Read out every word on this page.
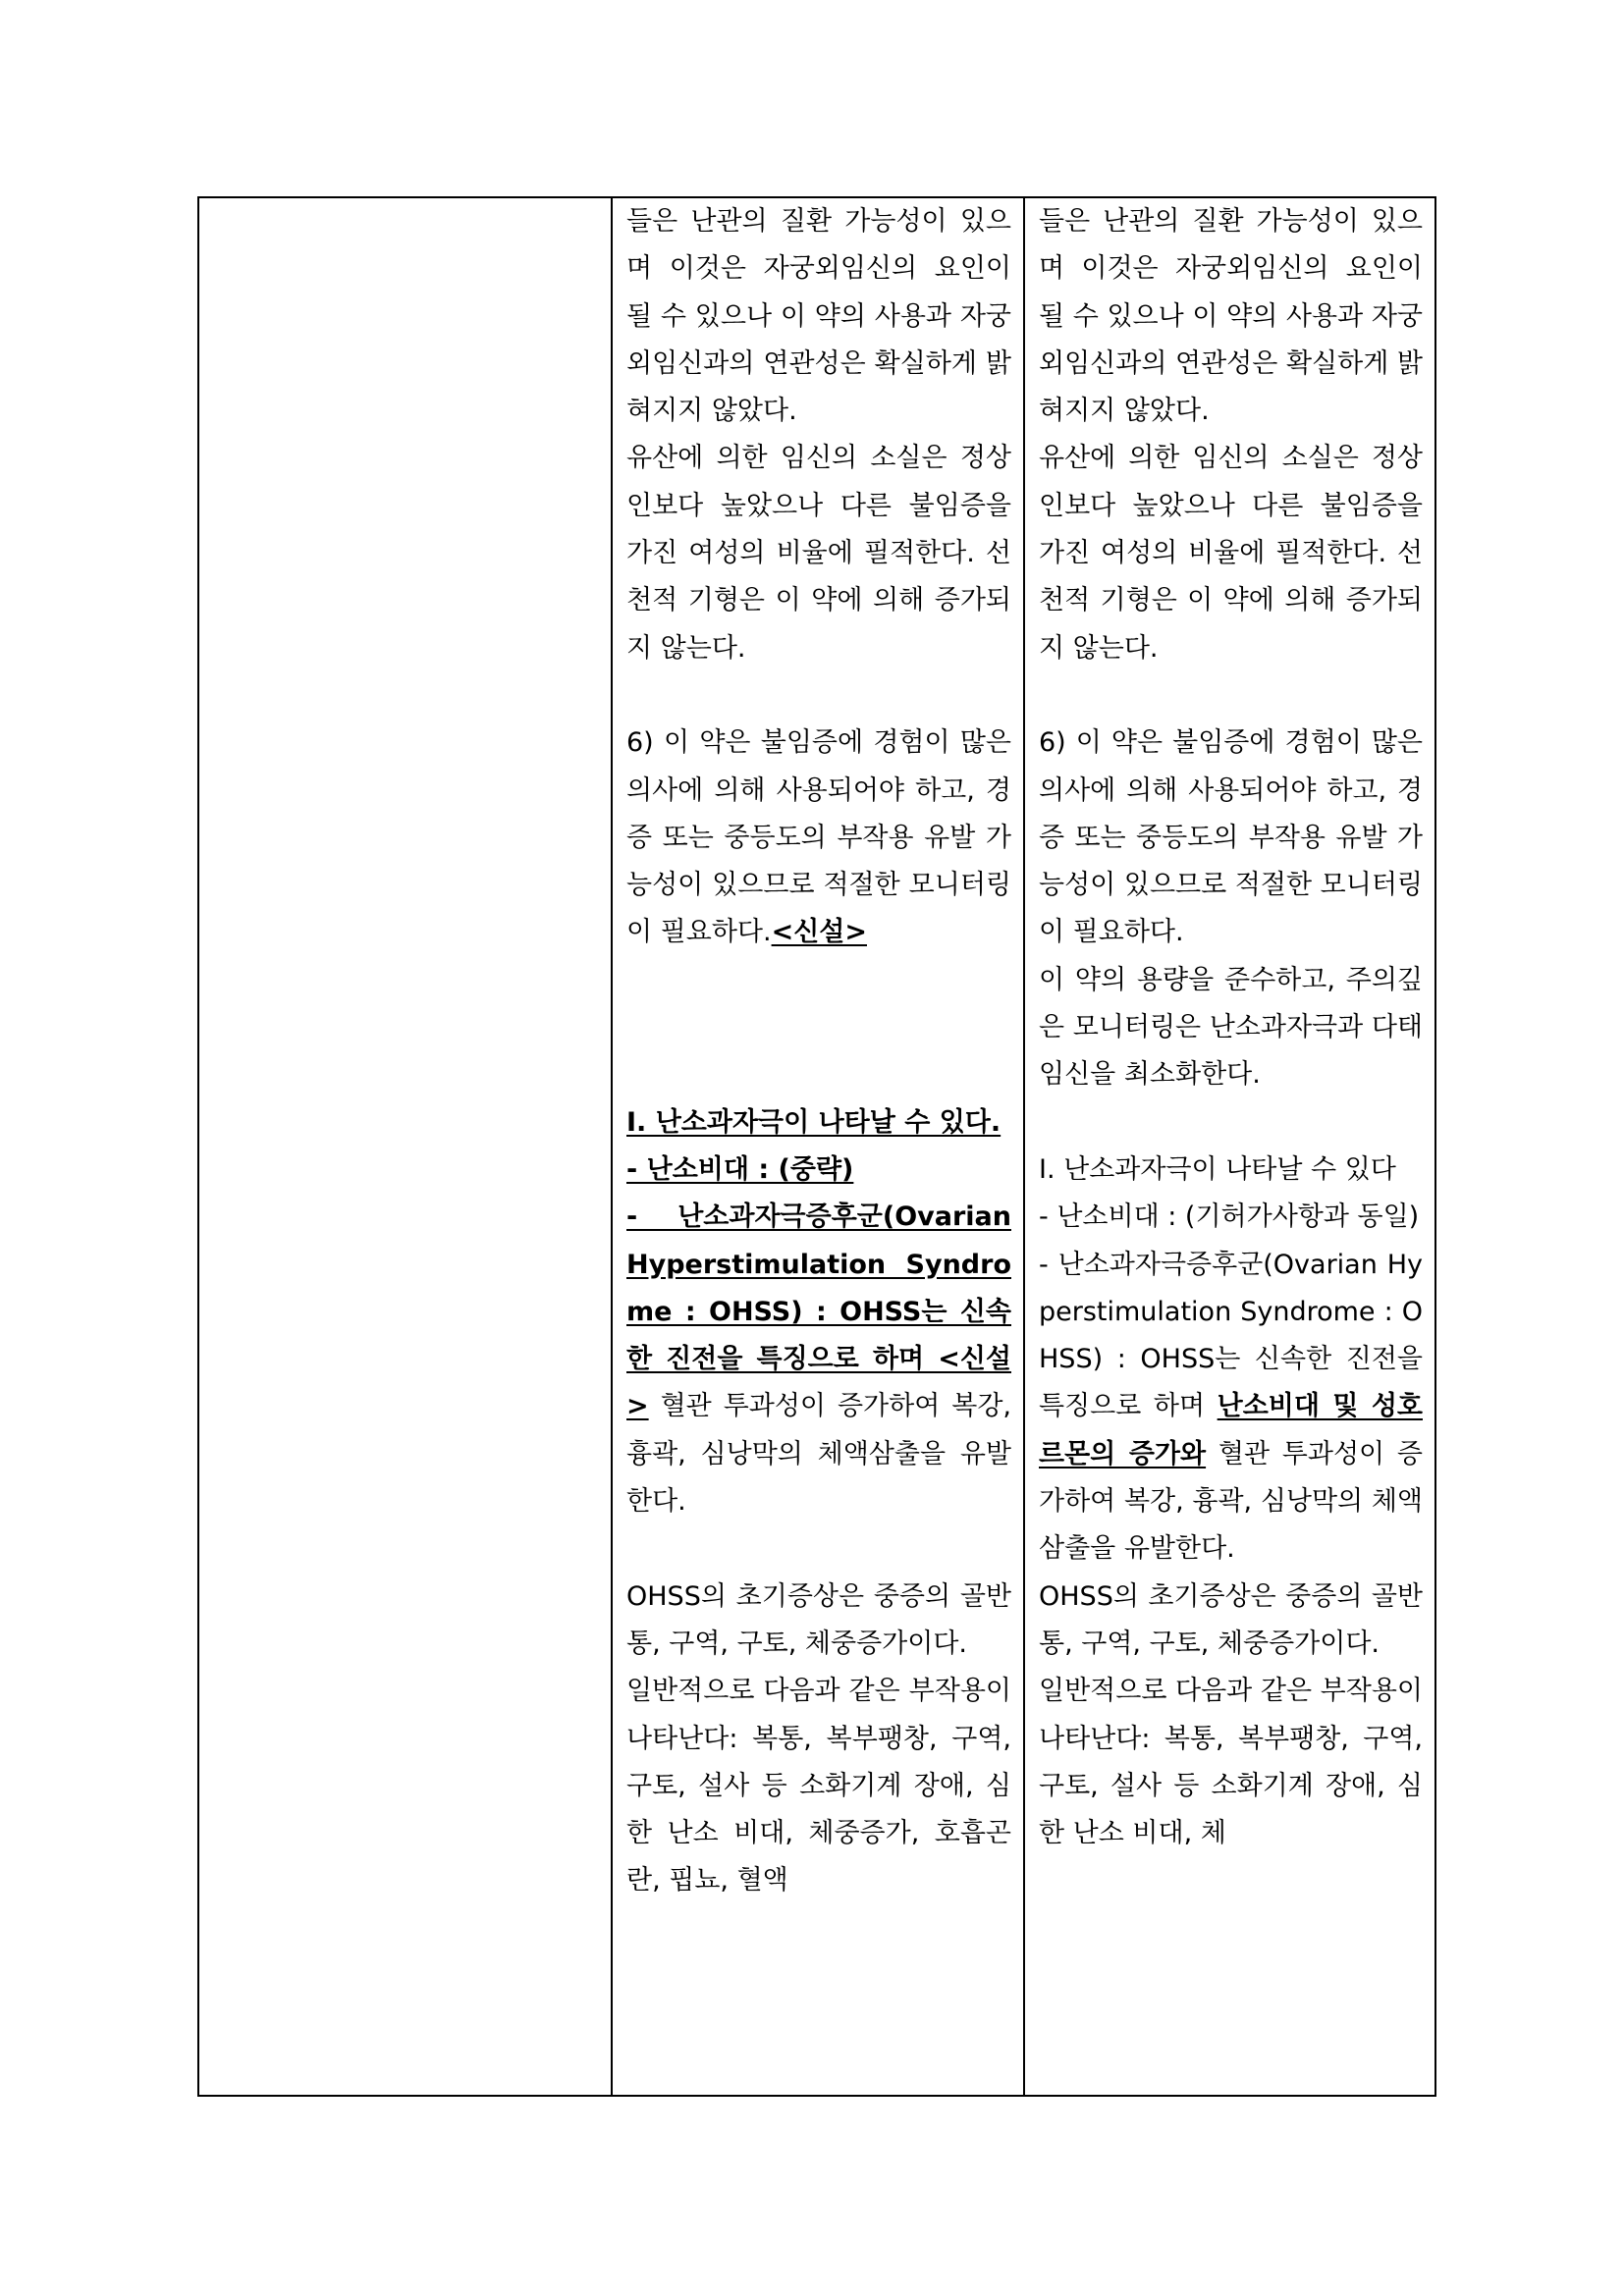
들은 난관의 질환 가능성이 있으며 이것은 자궁외임신의 요인이 될 수 있으나 이 약의 사용과 자궁외임신과의 연관성은 확실하게 밝혀지지 않았다.

유산에 의한 임신의 소실은 정상인보다 높았으나 다른 불임증을 가진 여성의 비율에 필적한다. 선천적 기형은 이 약에 의해 증가되지 않는다.

6) 이 약은 불임증에 경험이 많은 의사에 의해 사용되어야 하고, 경증 또는 중등도의 부작용 유발 가능성이 있으므로 적절한 모니터링이 필요하다.<신설>

I. 난소과자극이 나타날 수 있다.

- 난소비대 : (중략)

- 난소과자극증후군(Ovarian Hyperstimulation Syndrome : OHSS) : OHSS는 신속한 진전을 특징으로 하며 <신설> 혈관 투과성이 증가하여 복강, 흉곽, 심낭막의 체액삼출을 유발한다.

OHSS의 초기증상은 중증의 골반통, 구역, 구토, 체중증가이다.

일반적으로 다음과 같은 부작용이 나타난다: 복통, 복부팽창, 구역, 구토, 설사 등 소화기계 장애, 심한 난소 비대, 체중증가, 호흡곤란, 핍뇨, 혈액

들은 난관의 질환 가능성이 있으며 이것은 자궁외임신의 요인이 될 수 있으나 이 약의 사용과 자궁외임신과의 연관성은 확실하게 밝혀지지 않았다.

유산에 의한 임신의 소실은 정상인보다 높았으나 다른 불임증을 가진 여성의 비율에 필적한다. 선천적 기형은 이 약에 의해 증가되지 않는다.

6) 이 약은 불임증에 경험이 많은 의사에 의해 사용되어야 하고, 경증 또는 중등도의 부작용 유발 가능성이 있으므로 적절한 모니터링이 필요하다.

이 약의 용량을 준수하고, 주의깊은 모니터링은 난소과자극과 다태임신을 최소화한다.

I. 난소과자극이 나타날 수 있다

- 난소비대 : (기허가사항과 동일)

- 난소과자극증후군(Ovarian Hyperstimulation Syndrome : OHSS) : OHSS는 신속한 진전을 특징으로 하며 난소비대 및 성호르몬의 증가와 혈관 투과성이 증가하여 복강, 흉곽, 심낭막의 체액삼출을 유발한다.

OHSS의 초기증상은 중증의 골반통, 구역, 구토, 체중증가이다.

일반적으로 다음과 같은 부작용이 나타난다: 복통, 복부팽창, 구역, 구토, 설사 등 소화기계 장애, 심한 난소 비대, 체
